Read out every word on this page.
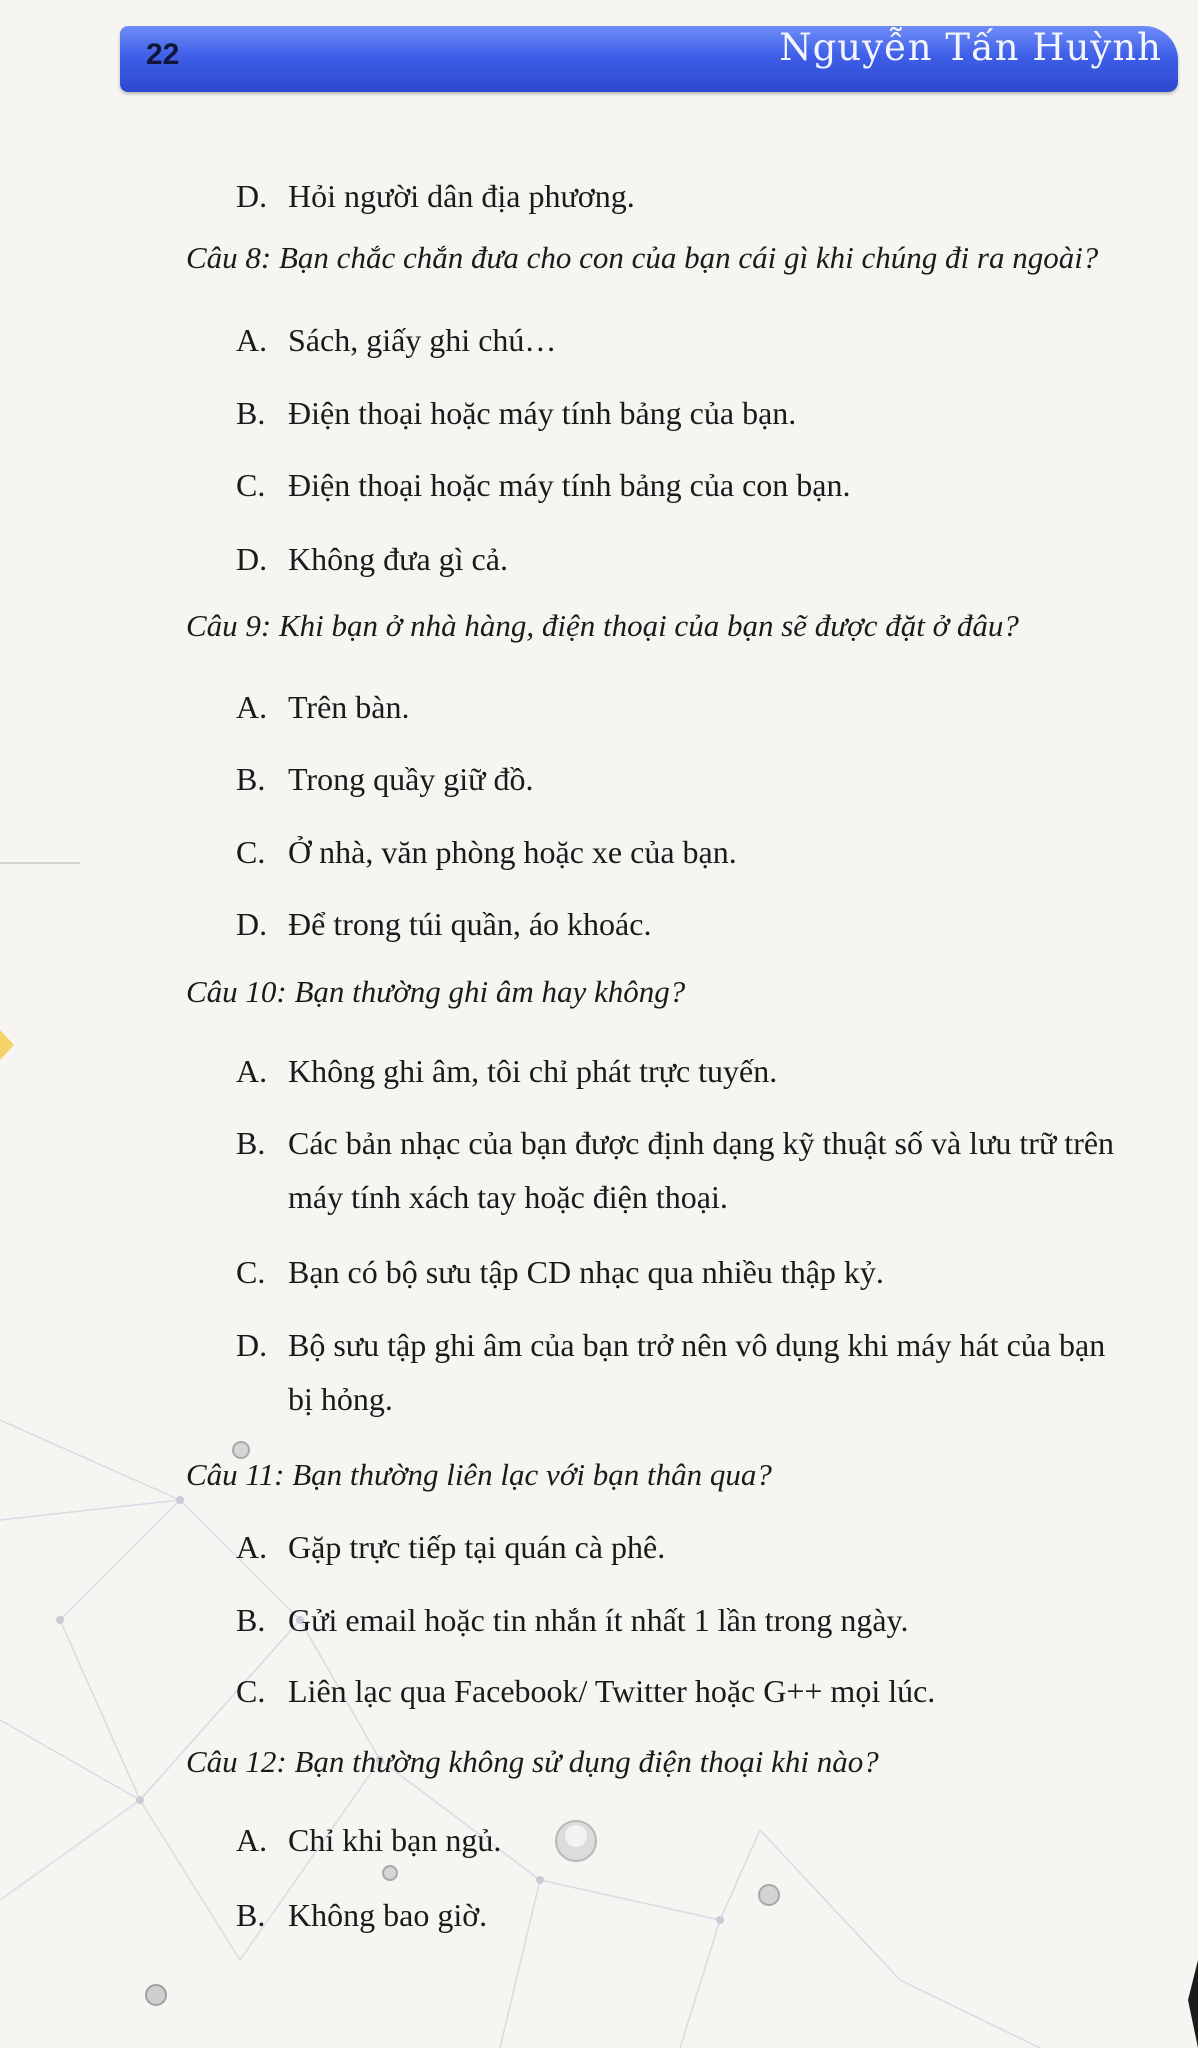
22	Nguyễn Tấn Huỳnh
D. Hỏi người dân địa phương.
Câu 8: Bạn chắc chắn đưa cho con của bạn cái gì khi chúng đi ra ngoài?
A. Sách, giấy ghi chú…
B. Điện thoại hoặc máy tính bảng của bạn.
C. Điện thoại hoặc máy tính bảng của con bạn.
D. Không đưa gì cả.
Câu 9: Khi bạn ở nhà hàng, điện thoại của bạn sẽ được đặt ở đâu?
A. Trên bàn.
B. Trong quầy giữ đồ.
C. Ở nhà, văn phòng hoặc xe của bạn.
D. Để trong túi quần, áo khoác.
Câu 10: Bạn thường ghi âm hay không?
A. Không ghi âm, tôi chỉ phát trực tuyến.
B. Các bản nhạc của bạn được định dạng kỹ thuật số và lưu trữ trên máy tính xách tay hoặc điện thoại.
C. Bạn có bộ sưu tập CD nhạc qua nhiều thập kỷ.
D. Bộ sưu tập ghi âm của bạn trở nên vô dụng khi máy hát của bạn bị hỏng.
Câu 11: Bạn thường liên lạc với bạn thân qua?
A. Gặp trực tiếp tại quán cà phê.
B. Gửi email hoặc tin nhắn ít nhất 1 lần trong ngày.
C. Liên lạc qua Facebook/ Twitter hoặc G++ mọi lúc.
Câu 12: Bạn thường không sử dụng điện thoại khi nào?
A. Chỉ khi bạn ngủ.
B. Không bao giờ.
